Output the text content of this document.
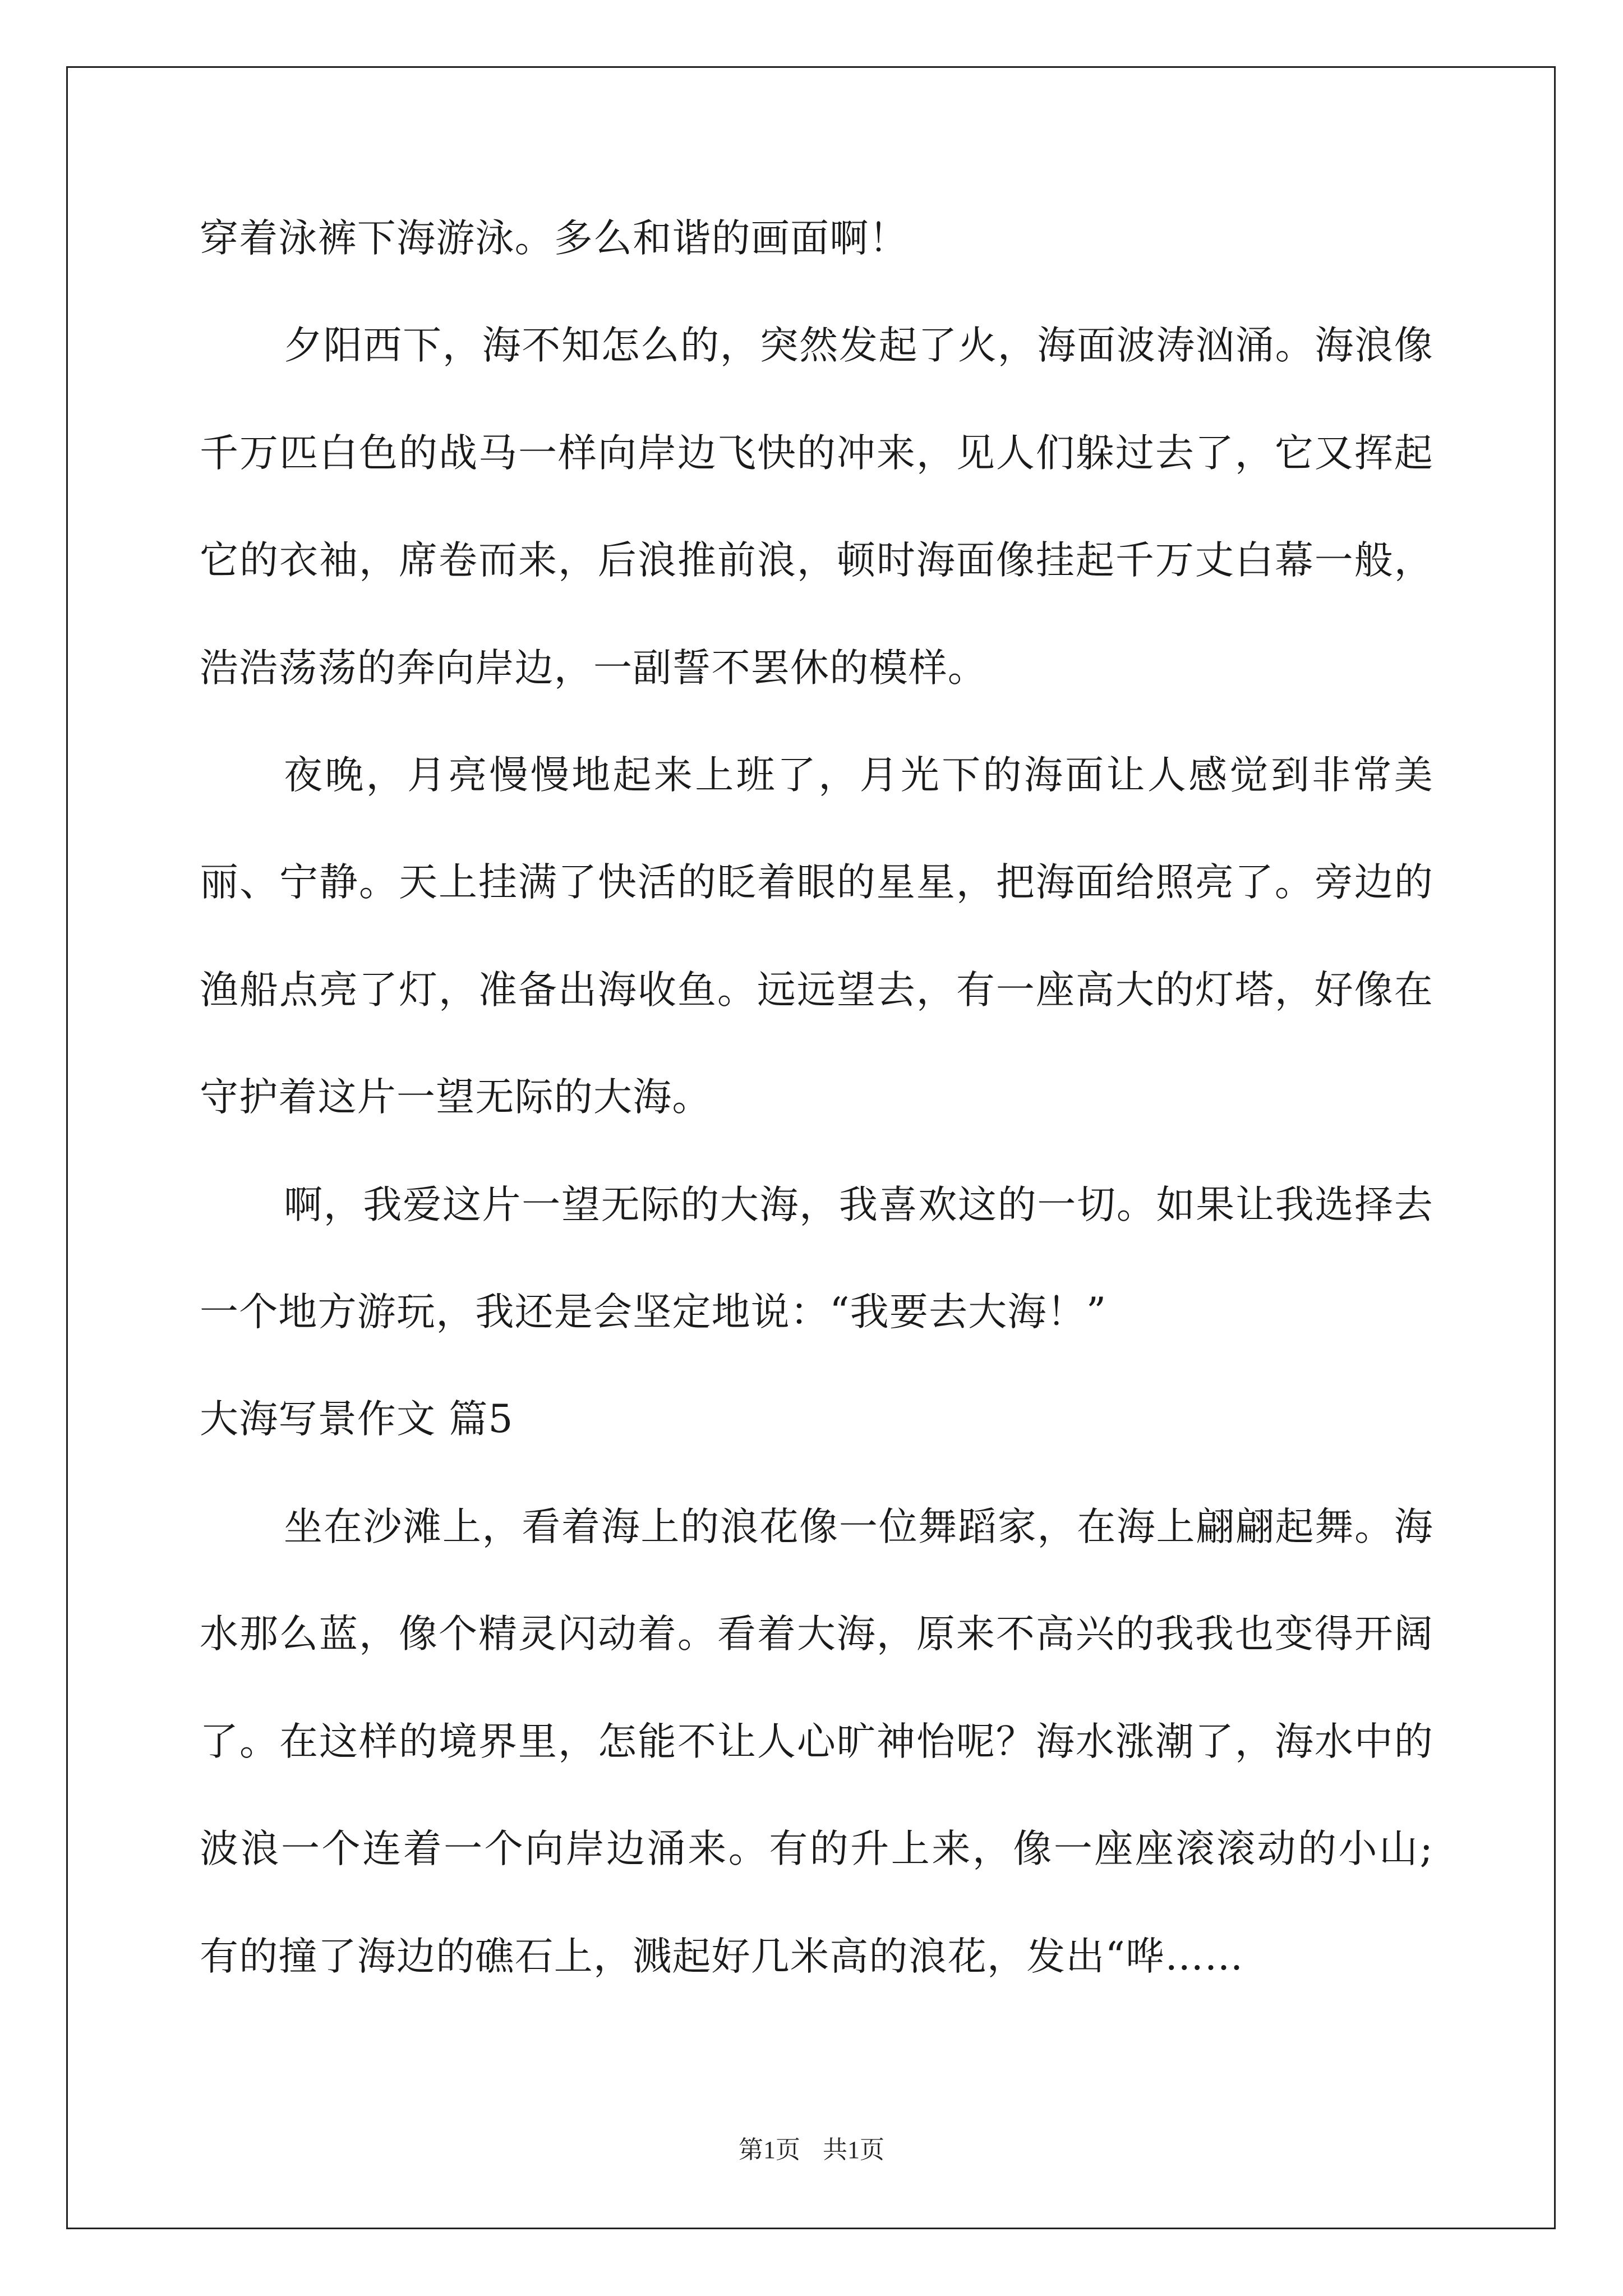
穿着泳裤下海游泳。多么和谐的画面啊！

夕阳西下，海不知怎么的，突然发起了火，海面波涛汹涌。海浪像千万匹白色的战马一样向岸边飞快的冲来，见人们躲过去了，它又挥起它的衣袖，席卷而来，后浪推前浪，顿时海面像挂起千万丈白幕一般，浩浩荡荡的奔向岸边，一副誓不罢休的模样。

夜晚，月亮慢慢地起来上班了，月光下的海面让人感觉到非常美丽、宁静。天上挂满了快活的眨着眼的星星，把海面给照亮了。旁边的渔船点亮了灯，准备出海收鱼。远远望去，有一座高大的灯塔，好像在守护着这片一望无际的大海。

啊，我爱这片一望无际的大海，我喜欢这的一切。如果让我选择去一个地方游玩，我还是会坚定地说：“我要去大海！”

大海写景作文 篇5

坐在沙滩上，看着海上的浪花像一位舞蹈家，在海上翩翩起舞。海水那么蓝，像个精灵闪动着。看着大海，原来不高兴的我我也变得开阔了。在这样的境界里，怎能不让人心旷神怡呢？海水涨潮了，海水中的波浪一个连着一个向岸边涌来。有的升上来，像一座座滚滚动的小山;有的撞了海边的礁石上，溅起好几米高的浪花，发出“哗……

第1页 共1页
